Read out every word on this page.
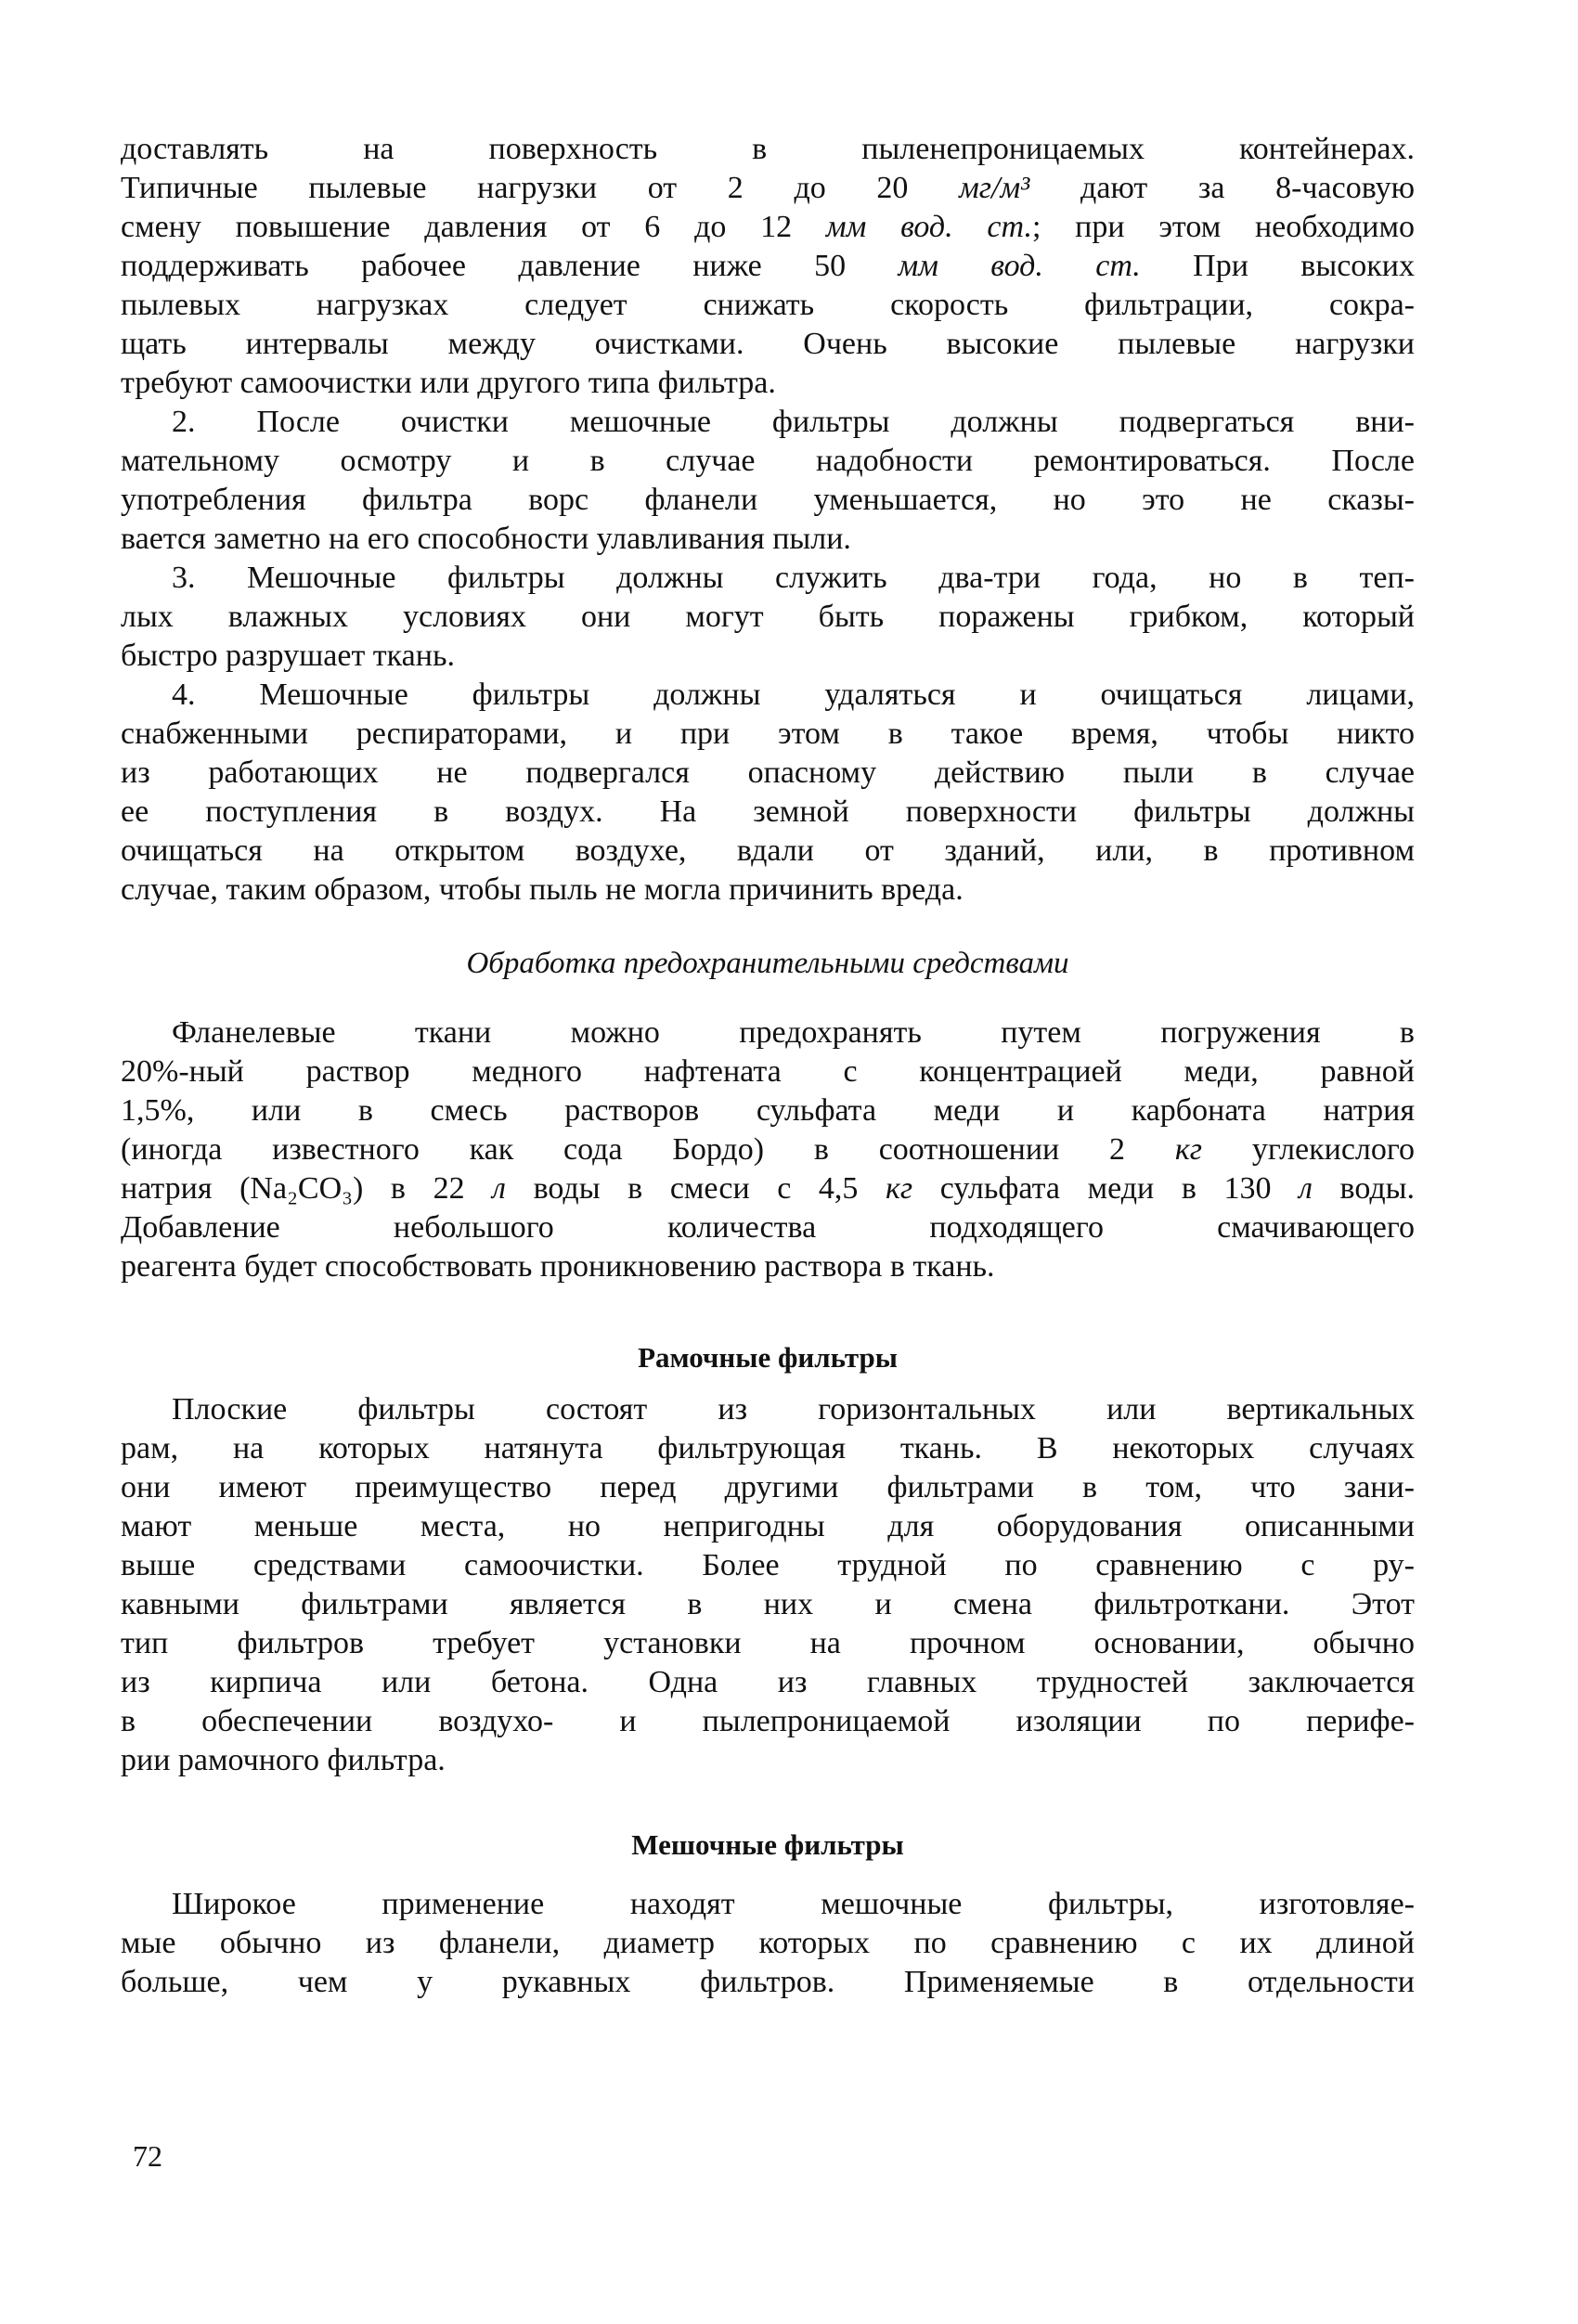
доставлять на поверхность в пыленепроницаемых контейнерах.
Типичные пылевые нагрузки от 2 до 20 мг/м³ дают за 8-часовую
смену повышение давления от 6 до 12 мм вод. ст.; при этом необходимо
поддерживать рабочее давление ниже 50 мм вод. ст. При высоких
пылевых нагрузках следует снижать скорость фильтрации, сокра-
щать интервалы между очистками. Очень высокие пылевые нагрузки
требуют самоочистки или другого типа фильтра.
2. После очистки мешочные фильтры должны подвергаться вни-
мательному осмотру и в случае надобности ремонтироваться. После
употребления фильтра ворс фланели уменьшается, но это не сказы-
вается заметно на его способности улавливания пыли.
3. Мешочные фильтры должны служить два-три года, но в теп-
лых влажных условиях они могут быть поражены грибком, который
быстро разрушает ткань.
4. Мешочные фильтры должны удаляться и очищаться лицами,
снабженными респираторами, и при этом в такое время, чтобы никто
из работающих не подвергался опасному действию пыли в случае
ее поступления в воздух. На земной поверхности фильтры должны
очищаться на открытом воздухе, вдали от зданий, или, в противном
случае, таким образом, чтобы пыль не могла причинить вреда.
Обработка предохранительными средствами
Фланелевые ткани можно предохранять путем погружения в
20%-ный раствор медного нафтената с концентрацией меди, равной
1,5%, или в смесь растворов сульфата меди и карбоната натрия
(иногда известного как сода Бордо) в соотношении 2 кг углекислого
натрия (Na₂CO₃) в 22 л воды в смеси с 4,5 кг сульфата меди в 130 л воды.
Добавление небольшого количества подходящего смачивающего
реагента будет способствовать проникновению раствора в ткань.
Рамочные фильтры
Плоские фильтры состоят из горизонтальных или вертикальных
рам, на которых натянута фильтрующая ткань. В некоторых случаях
они имеют преимущество перед другими фильтрами в том, что зани-
мают меньше места, но непригодны для оборудования описанными
выше средствами самоочистки. Более трудной по сравнению с ру-
кавными фильтрами является в них и смена фильтроткани. Этот
тип фильтров требует установки на прочном основании, обычно
из кирпича или бетона. Одна из главных трудностей заключается
в обеспечении воздухо- и пылепроницаемой изоляции по перифе-
рии рамочного фильтра.
Мешочные фильтры
Широкое применение находят мешочные фильтры, изготовляе-
мые обычно из фланели, диаметр которых по сравнению с их длиной
больше, чем у рукавных фильтров. Применяемые в отдельности
72
